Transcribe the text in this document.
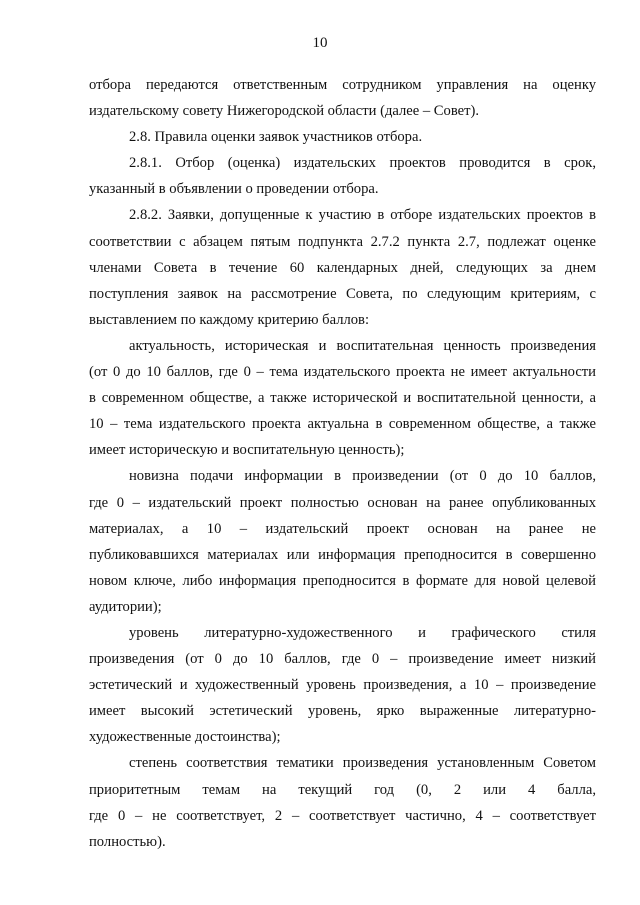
10
отбора передаются ответственным сотрудником управления на оценку
издательскому совету Нижегородской области (далее – Совет).
2.8. Правила оценки заявок участников отбора.
2.8.1. Отбор (оценка) издательских проектов проводится в срок,
указанный в объявлении о проведении отбора.
2.8.2. Заявки, допущенные к участию в отборе издательских проектов в
соответствии с абзацем пятым подпункта 2.7.2 пункта 2.7, подлежат оценке
членами Совета в течение 60 календарных дней, следующих за днем
поступления заявок на рассмотрение Совета, по следующим критериям, с
выставлением по каждому критерию баллов:
актуальность, историческая и воспитательная ценность произведения
(от 0 до 10 баллов, где 0 – тема издательского проекта не имеет актуальности
в современном обществе, а также исторической и воспитательной ценности, а
10 – тема издательского проекта актуальна в современном обществе, а также
имеет историческую и воспитательную ценность);
новизна подачи информации в произведении (от 0 до 10 баллов,
где 0 – издательский проект полностью основан на ранее опубликованных
материалах, а 10 – издательский проект основан на ранее не
публиковавшихся материалах или информация преподносится в совершенно
новом ключе, либо информация преподносится в формате для новой целевой
аудитории);
уровень литературно-художественного и графического стиля
произведения (от 0 до 10 баллов, где 0 – произведение имеет низкий
эстетический и художественный уровень произведения, а 10 – произведение
имеет высокий эстетический уровень, ярко выраженные литературно-
художественные достоинства);
степень соответствия тематики произведения установленным Советом
приоритетным темам на текущий год (0, 2 или 4 балла,
где 0 – не соответствует, 2 – соответствует частично, 4 – соответствует
полностью).
